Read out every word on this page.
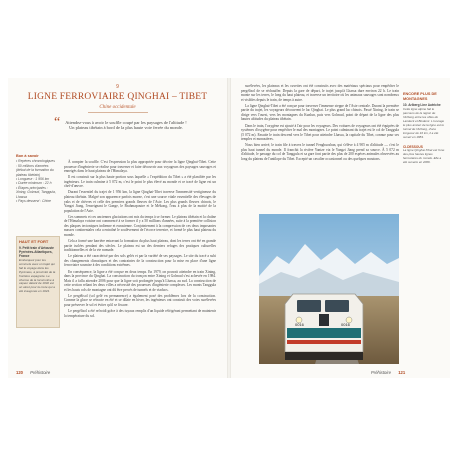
9
LIGNE FERROVIAIRE QINGHAI – TIBET
Chine occidentale
“	Attendez-vous à avoir le souffle coupé par les paysages de l'altitude ! Un plateau tibétain à bord de la plus haute voie ferrée du monde.
Bon à savoir
• Repères chronologiques : 50 millions d'années (début de la formation du plateau tibétain)
• Longueur : 1 956 km
• Durée minimum : 22 h
• Étapes principales : Xining, Golmud, Tanggula, Lhassa
• Pays desservi : Chine
HAUT ET FORT
9. Petit train d'Artouste Pyrénées-Atlantiques, France
Embarquez pour les sommets avec un trajet qui fait le voyage dans les Pyrénées, à proximité de la frontière espagnole. Le charme de la locomotive à vapeur datant de 1932 est un atout pour la route qui a été inaugurée en 1924.

À compter la souffle. C'est l'expression la plus appropriée pour décrire la ligne Qinghai-Tibet. Cette prouesse d'ingénierie se réalise pour traverser et faire découvrir aux voyageurs des paysages sauvages et enneigés dans le haut plateau de l'Himalaya.

Il est construit sur la plus haute portion sous laquelle « l'expédition du Tibet » a été planifiée par les ingénieurs. Le train culmine à 5 072 m, c'est le point le plus élevé au monde et ce tracé de ligne est un chef-d'œuvre.

Durant l'essentiel du trajet de 1 956 km, la ligne Qinghai-Tibet traverse l'immensité vertigineuse du plateau tibétain. Malgré son apparence parfois morne, c'est une source vitale essentielle des élevages de yaks et de chèvres et celle des premiers grands fleuves de l'Asie. Les plus grands fleuves chinois, le Yangzi Jiang, l'enseignant le Gange, le Brahmapoutre et le Mékong, l'eau à plus de la moitié de la population de l'Asie.

Ces sommets et ces anciennes glaciations ont mis du temps à se former. Le plateau tibétain et la chaîne de l'Himalaya voisine ont commencé à se former il y a 50 millions d'années, suite à la première collision des plaques tectoniques indienne et eurasienne. Conjointement à la compression de ces deux imposantes masses continentales cela a entraîné le soulèvement de l'écorce terrestre, et formé le plus haut plateau du monde.

Cela a formé une barrière entravant la formation du plus haut plateau, dont les terres ont été en grande partie isolées pendant des siècles. Le plateau est un des derniers refuges des pratiques culturelles traditionnelles et de la vie nomade.

Le plateau a été caractérisé par des sols gelés et par la variété de ses paysages. Le site du tracé a subi des changements climatiques et des contraintes de la construction pour la mise en place d'une ligne ferroviaire soumise à des conditions extrêmes.

En conséquence, la ligne a été conçue en deux temps. En 1979, on pouvait atteindre en train Xining, dans la province du Qinghai. La construction du tronçon entre Xining et Golmud s'est achevée en 1984. Mais il a fallu attendre 2006 pour que la ligne soit prolongée jusqu'à Lhassa, au sud. La construction de cette section reliant les deux villes a nécessité des prouesses d'ingénierie complexes. Les monts Tanggula et les hauts cols de montagne ont dû être percés de tunnels et de viaducs.

Le pergélisol (sol gelé en permanence) a également posé des problèmes lors de la construction. Comme la glace se rétracte en été et se dilate en hiver, les ingénieurs ont construit des voies surélevées pour préserver le sol et éviter qu'il se fissure.

Le pergélisol a été refroidi grâce à des tuyaux remplis d'un liquide réfrigérant permettant de maintenir la température du sol.

120 Préhistoire

surélevées, les plateaux et les cuvettes ont été construits avec des matériaux spéciaux pour empêcher le pergélisol de se réchauffer. Depuis la gare de départ, le trajet jusqu'à Lhassa dure environ 22 h. Le train monte sur les terres, le long du haut plateau, et traverse un territoire où les animaux sauvages sont nombreux et visibles depuis le train, de temps à autre.

La ligne Qinghai-Tibet a été conçue pour traverser l'immense steppe de l'Asie centrale. Durant la première partie du trajet, les voyageurs découvrent le lac Qinghai. Le plus grand lac chinois. Passé Xining, le train se dirige vers l'ouest, vers les montagnes du Kunlun, puis vers Golmud, point de départ de la ligne des plus hautes altitudes du plateau tibétain.

Dans le train, l'oxygène est ajouté à l'air pour les voyageurs. Des voitures de voyageurs ont été équipées de systèmes d'oxygène pour empêcher le mal des montagnes. Le point culminant du trajet est le col de Tanggula (5 072 m). Ensuite le train descend vers le Tibet pour atteindre Lhassa, la capitale du Tibet, connue pour ses temples et monastères.

Nous bien arrivé, le train file à travers le tunnel Fenghuoshan, qui s'élève à 4 905 m d'altitude — c'est le plus haut tunnel du monde. Il franchit la rivière Yantze via le Yangzi Jiang prend sa source. À 5 072 m d'altitude, le passage du col de Tanggula et sa gare font partie des plus de 200 espèces animales observées au long du plateau de l'antilope du Tibet. Excepté un cavalier occasionnel ou des quelques moutons.

ENCORE PLUS DE MONTAGNES
10. Arlberg Line Autriche
Cette ligne alpine fait le parcours de la région de l'Arlberg entre les villes de Landeck et Bludenz. L'ouvrage le plus ancien de la ligne est le tunnel de l'Arlberg, d'une longueur de 10 km, il a été ouvert en 1884.
CI-DESSOUS
La ligne Qinghai-Tibet est l'une des plus hautes lignes ferroviaires du monde. Elle a été ouverte en 2006.
0016	0016
Préhistoire 121
